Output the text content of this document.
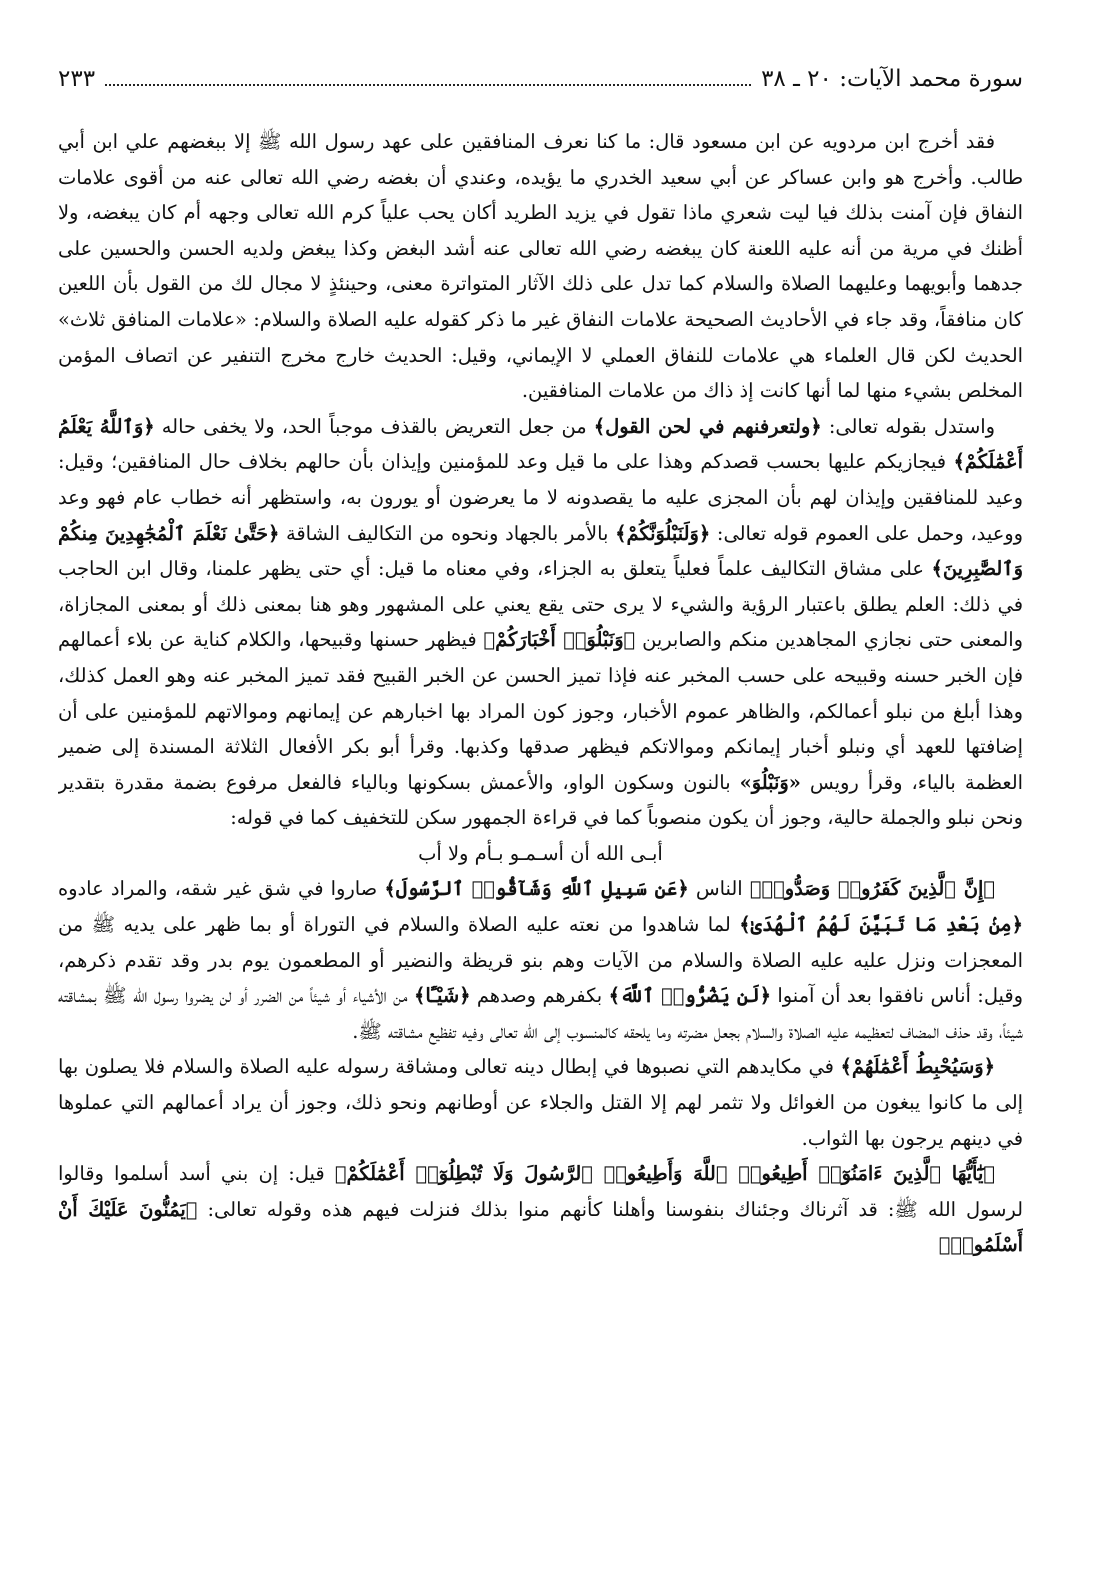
سورة محمد الآيات: ٢٠ ـ ٣٨
٢٣٣

فقد أخرج ابن مردويه عن ابن مسعود قال: ما كنا نعرف المنافقين على عهد رسول الله ﷺ إلا ببغضهم علي ابن أبي طالب. وأخرج هو وابن عساكر عن أبي سعيد الخدري ما يؤيده، وعندي أن بغضه رضي الله تعالى عنه من أقوى علامات النفاق فإن آمنت بذلك فيا ليت شعري ماذا تقول في يزيد الطريد أكان يحب علياً كرم الله تعالى وجهه أم كان يبغضه، ولا أظنك في مرية من أنه عليه اللعنة كان يبغضه رضي الله تعالى عنه أشد البغض وكذا يبغض ولديه الحسن والحسين على جدهما وأبويهما وعليهما الصلاة والسلام كما تدل على ذلك الآثار المتواترة معنى، وحينئذٍ لا مجال لك من القول بأن اللعين كان منافقاً، وقد جاء في الأحاديث الصحيحة علامات النفاق غير ما ذكر كقوله عليه الصلاة والسلام: «علامات المنافق ثلاث» الحديث لكن قال العلماء هي علامات للنفاق العملي لا الإيماني، وقيل: الحديث خارج مخرج التنفير عن اتصاف المؤمن المخلص بشيء منها لما أنها كانت إذ ذاك من علامات المنافقين.

واستدل بقوله تعالى: ﴿ولتعرفنهم في لحن القول﴾ من جعل التعريض بالقذف موجباً الحد، ولا يخفى حاله ﴿وَٱللَّهُ يَعْلَمُ أَعْمَٰلَكُمْ﴾ فيجازيكم عليها بحسب قصدكم وهذا على ما قيل وعد للمؤمنين وإيذان بأن حالهم بخلاف حال المنافقين؛ وقيل: وعيد للمنافقين وإيذان لهم بأن المجزى عليه ما يقصدونه لا ما يعرضون أو يورون به، واستظهر أنه خطاب عام فهو وعد ووعيد، وحمل على العموم قوله تعالى: ﴿وَلَنَبْلُوَنَّكُمْ﴾ بالأمر بالجهاد ونحوه من التكاليف الشاقة ﴿حَتَّىٰ نَعْلَمَ ٱلْمُجَٰهِدِينَ مِنكُمْ وَٱلصَّٰبِرِينَ﴾ على مشاق التكاليف علماً فعلياً يتعلق به الجزاء، وفي معناه ما قيل: أي حتى يظهر علمنا، وقال ابن الحاجب في ذلك: العلم يطلق باعتبار الرؤية والشيء لا يرى حتى يقع يعني على المشهور وهو هنا بمعنى ذلك أو بمعنى المجازاة، والمعنى حتى نجازي المجاهدين منكم والصابرين ﴿وَنَبْلُوَا۟ أَخْبَارَكُمْ﴾ فيظهر حسنها وقبيحها، والكلام كناية عن بلاء أعمالهم فإن الخبر حسنه وقبيحه على حسب المخبر عنه فإذا تميز الحسن عن الخبر القبيح فقد تميز المخبر عنه وهو العمل كذلك، وهذا أبلغ من نبلو أعمالكم، والظاهر عموم الأخبار، وجوز كون المراد بها اخبارهم عن إيمانهم وموالاتهم للمؤمنين على أن إضافتها للعهد أي ونبلو أخبار إيمانكم وموالاتكم فيظهر صدقها وكذبها. وقرأ أبو بكر الأفعال الثلاثة المسندة إلى ضمير العظمة بالياء، وقرأ رويس «وَنَبْلُوَ» بالنون وسكون الواو، والأعمش بسكونها وبالياء فالفعل مرفوع بضمة مقدرة بتقدير ونحن نبلو والجملة حالية، وجوز أن يكون منصوباً كما في قراءة الجمهور سكن للتخفيف كما في قوله:

أبـى الله أن أسـمـو بـأم ولا أب

﴿إِنَّ ٱلَّذِينَ كَفَرُوا۟ وَصَدُّوا۟﴾ الناس ﴿عَن سَبِيلِ ٱللَّهِ وَشَآقُّوا۟ ٱلرَّسُولَ﴾ صاروا في شق غير شقه، والمراد عادوه ﴿مِنۢ بَعْدِ مَا تَبَيَّنَ لَهُمُ ٱلْهُدَىٰ﴾ لما شاهدوا من نعته عليه الصلاة والسلام في التوراة أو بما ظهر على يديه ﷺ من المعجزات ونزل عليه عليه الصلاة والسلام من الآيات وهم بنو قريظة والنضير أو المطعمون يوم بدر وقد تقدم ذكرهم، وقيل: أناس نافقوا بعد أن آمنوا ﴿لَن يَضُرُّوا۟ ٱللَّهَ﴾ بكفرهم وصدهم ﴿شَيْـًٔا﴾ من الأشياء أو شيئاً من الضرر أو لن يضروا رسول الله ﷺ بمشاقته شيئاً، وقد حذف المضاف لتعظيمه عليه الصلاة والسلام بجعل مضرته وما يلحقه كالمنسوب إلى الله تعالى وفيه تفظيع مشاقته ﷺ.

﴿وَسَيُحْبِطُ أَعْمَٰلَهُمْ﴾ في مكايدهم التي نصبوها في إبطال دينه تعالى ومشاقة رسوله عليه الصلاة والسلام فلا يصلون بها إلى ما كانوا يبغون من الغوائل ولا تثمر لهم إلا القتل والجلاء عن أوطانهم ونحو ذلك، وجوز أن يراد أعمالهم التي عملوها في دينهم يرجون بها الثواب.

﴿يَٰٓأَيُّهَا ٱلَّذِينَ ءَامَنُوٓا۟ أَطِيعُوا۟ ٱللَّهَ وَأَطِيعُوا۟ ٱلرَّسُولَ وَلَا تُبْطِلُوٓا۟ أَعْمَٰلَكُمْ﴾ قيل: إن بني أسد أسلموا وقالوا لرسول الله ﷺ: قد آثرناك وجئناك بنفوسنا وأهلنا كأنهم منوا بذلك فنزلت فيهم هذه وقوله تعالى: ﴿يَمُنُّونَ عَلَيْكَ أَنْ أَسْلَمُوا۟﴾
